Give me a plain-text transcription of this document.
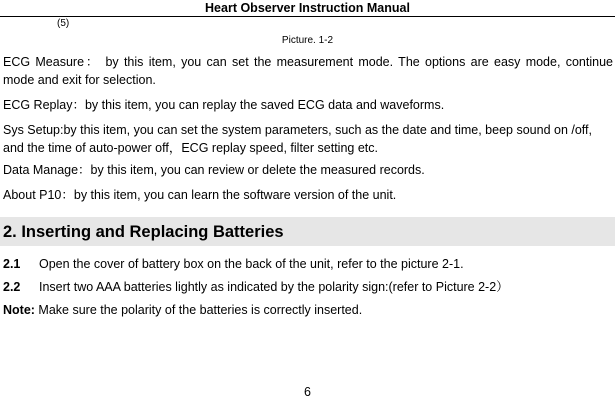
Heart Observer Instruction Manual
(5)
Picture. 1-2
ECG Measure： by this item, you can set the measurement mode. The options are easy mode, continue mode and exit for selection.
ECG Replay：by this item, you can replay the saved ECG data and waveforms.
Sys Setup:by this item, you can set the system parameters, such as the date and time, beep sound on /off, and the time of auto-power off，ECG replay speed, filter setting etc.
Data Manage：by this item, you can review or delete the measured records.
About P10：by this item, you can learn the software version of the unit.
2. Inserting and Replacing Batteries
2.1 Open the cover of battery box on the back of the unit, refer to the picture 2-1.
2.2 Insert two AAA batteries lightly as indicated by the polarity sign:(refer to Picture 2-2）
Note: Make sure the polarity of the batteries is correctly inserted.
6
